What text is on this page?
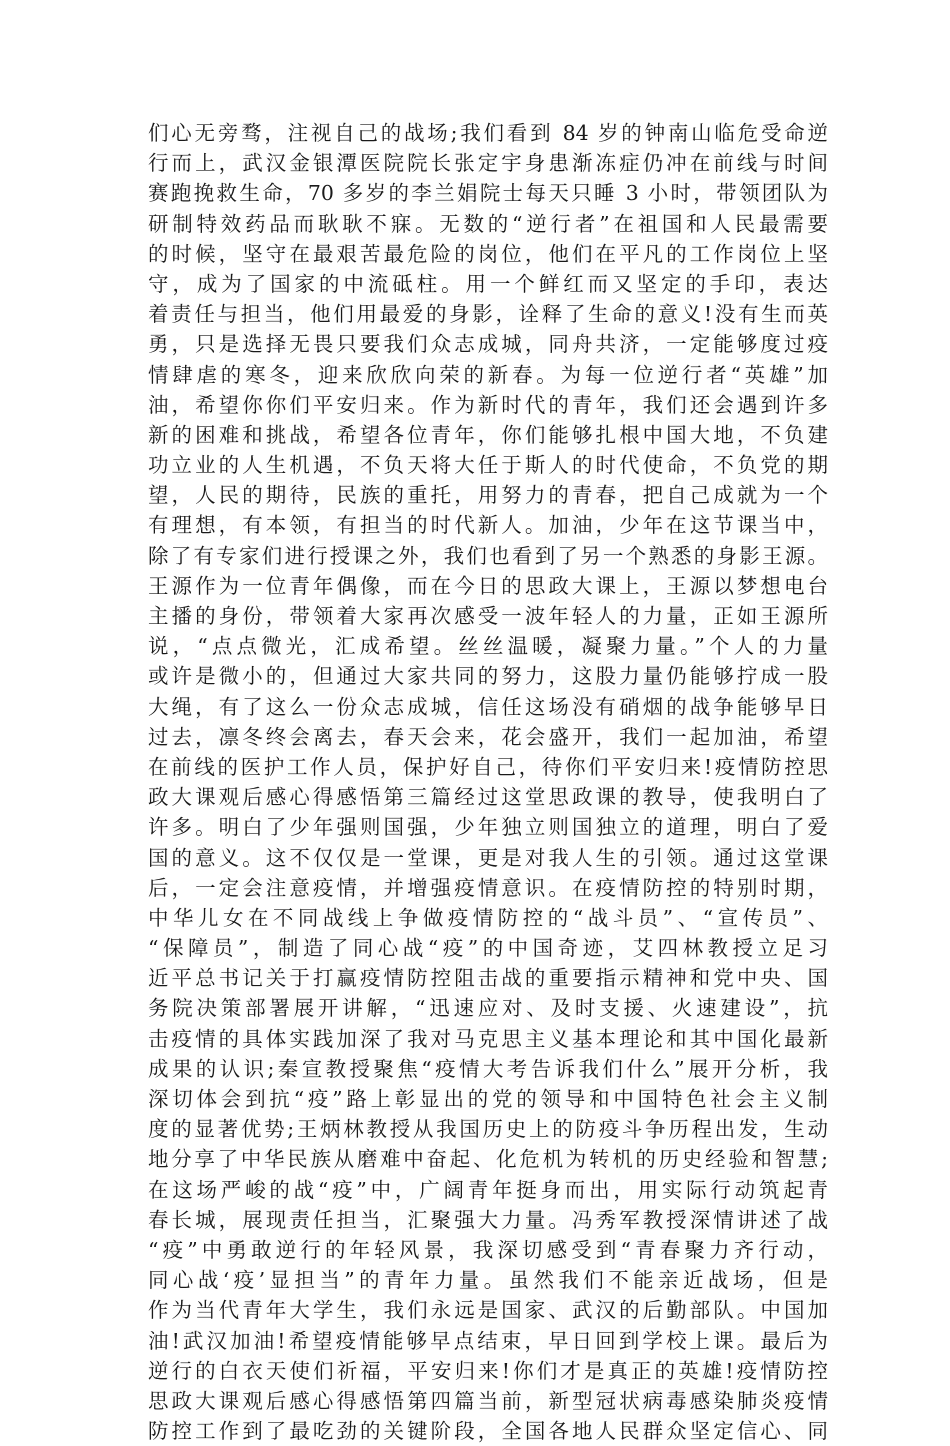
们心无旁骛，注视自己的战场;我们看到 84 岁的钟南山临危受命逆
行而上，武汉金银潭医院院长张定宇身患渐冻症仍冲在前线与时间
赛跑挽救生命，70 多岁的李兰娟院士每天只睡 3 小时，带领团队为
研制特效药品而耿耿不寐。无数的“逆行者”在祖国和人民最需要
的时候，坚守在最艰苦最危险的岗位，他们在平凡的工作岗位上坚
守，成为了国家的中流砥柱。用一个鲜红而又坚定的手印，表达
着责任与担当，他们用最爱的身影，诠释了生命的意义!没有生而英
勇，只是选择无畏只要我们众志成城，同舟共济，一定能够度过疫
情肆虐的寒冬，迎来欣欣向荣的新春。为每一位逆行者“英雄”加
油，希望你你们平安归来。作为新时代的青年，我们还会遇到许多
新的困难和挑战，希望各位青年，你们能够扎根中国大地，不负建
功立业的人生机遇，不负天将大任于斯人的时代使命，不负党的期
望，人民的期待，民族的重托，用努力的青春，把自己成就为一个
有理想，有本领，有担当的时代新人。加油，少年在这节课当中，
除了有专家们进行授课之外，我们也看到了另一个熟悉的身影王源。
王源作为一位青年偶像，而在今日的思政大课上，王源以梦想电台
主播的身份，带领着大家再次感受一波年轻人的力量，正如王源所
说，“点点微光，汇成希望。丝丝温暖，凝聚力量。”个人的力量
或许是微小的，但通过大家共同的努力，这股力量仍能够拧成一股
大绳，有了这么一份众志成城，信任这场没有硝烟的战争能够早日
过去，凛冬终会离去，春天会来，花会盛开，我们一起加油，希望
在前线的医护工作人员，保护好自己，待你们平安归来!疫情防控思
政大课观后感心得感悟第三篇经过这堂思政课的教导，使我明白了
许多。明白了少年强则国强，少年独立则国独立的道理，明白了爱
国的意义。这不仅仅是一堂课，更是对我人生的引领。通过这堂课
后，一定会注意疫情，并增强疫情意识。在疫情防控的特别时期，
中华儿女在不同战线上争做疫情防控的“战斗员”、“宣传员”、
“保障员”，制造了同心战“疫”的中国奇迹，艾四林教授立足习
近平总书记关于打赢疫情防控阻击战的重要指示精神和党中央、国
务院决策部署展开讲解，“迅速应对、及时支援、火速建设”，抗
击疫情的具体实践加深了我对马克思主义基本理论和其中国化最新
成果的认识;秦宣教授聚焦“疫情大考告诉我们什么”展开分析，我
深切体会到抗“疫”路上彰显出的党的领导和中国特色社会主义制
度的显著优势;王炳林教授从我国历史上的防疫斗争历程出发，生动
地分享了中华民族从磨难中奋起、化危机为转机的历史经验和智慧;
在这场严峻的战“疫”中，广阔青年挺身而出，用实际行动筑起青
春长城，展现责任担当，汇聚强大力量。冯秀军教授深情讲述了战
“疫”中勇敢逆行的年轻风景，我深切感受到“青春聚力齐行动，
同心战‘疫’显担当”的青年力量。虽然我们不能亲近战场，但是
作为当代青年大学生，我们永远是国家、武汉的后勤部队。中国加
油!武汉加油!希望疫情能够早点结束，早日回到学校上课。最后为
逆行的白衣天使们祈福，平安归来!你们才是真正的英雄!疫情防控
思政大课观后感心得感悟第四篇当前，新型冠状病毒感染肺炎疫情
防控工作到了最吃劲的关键阶段，全国各地人民群众坚定信心、同
